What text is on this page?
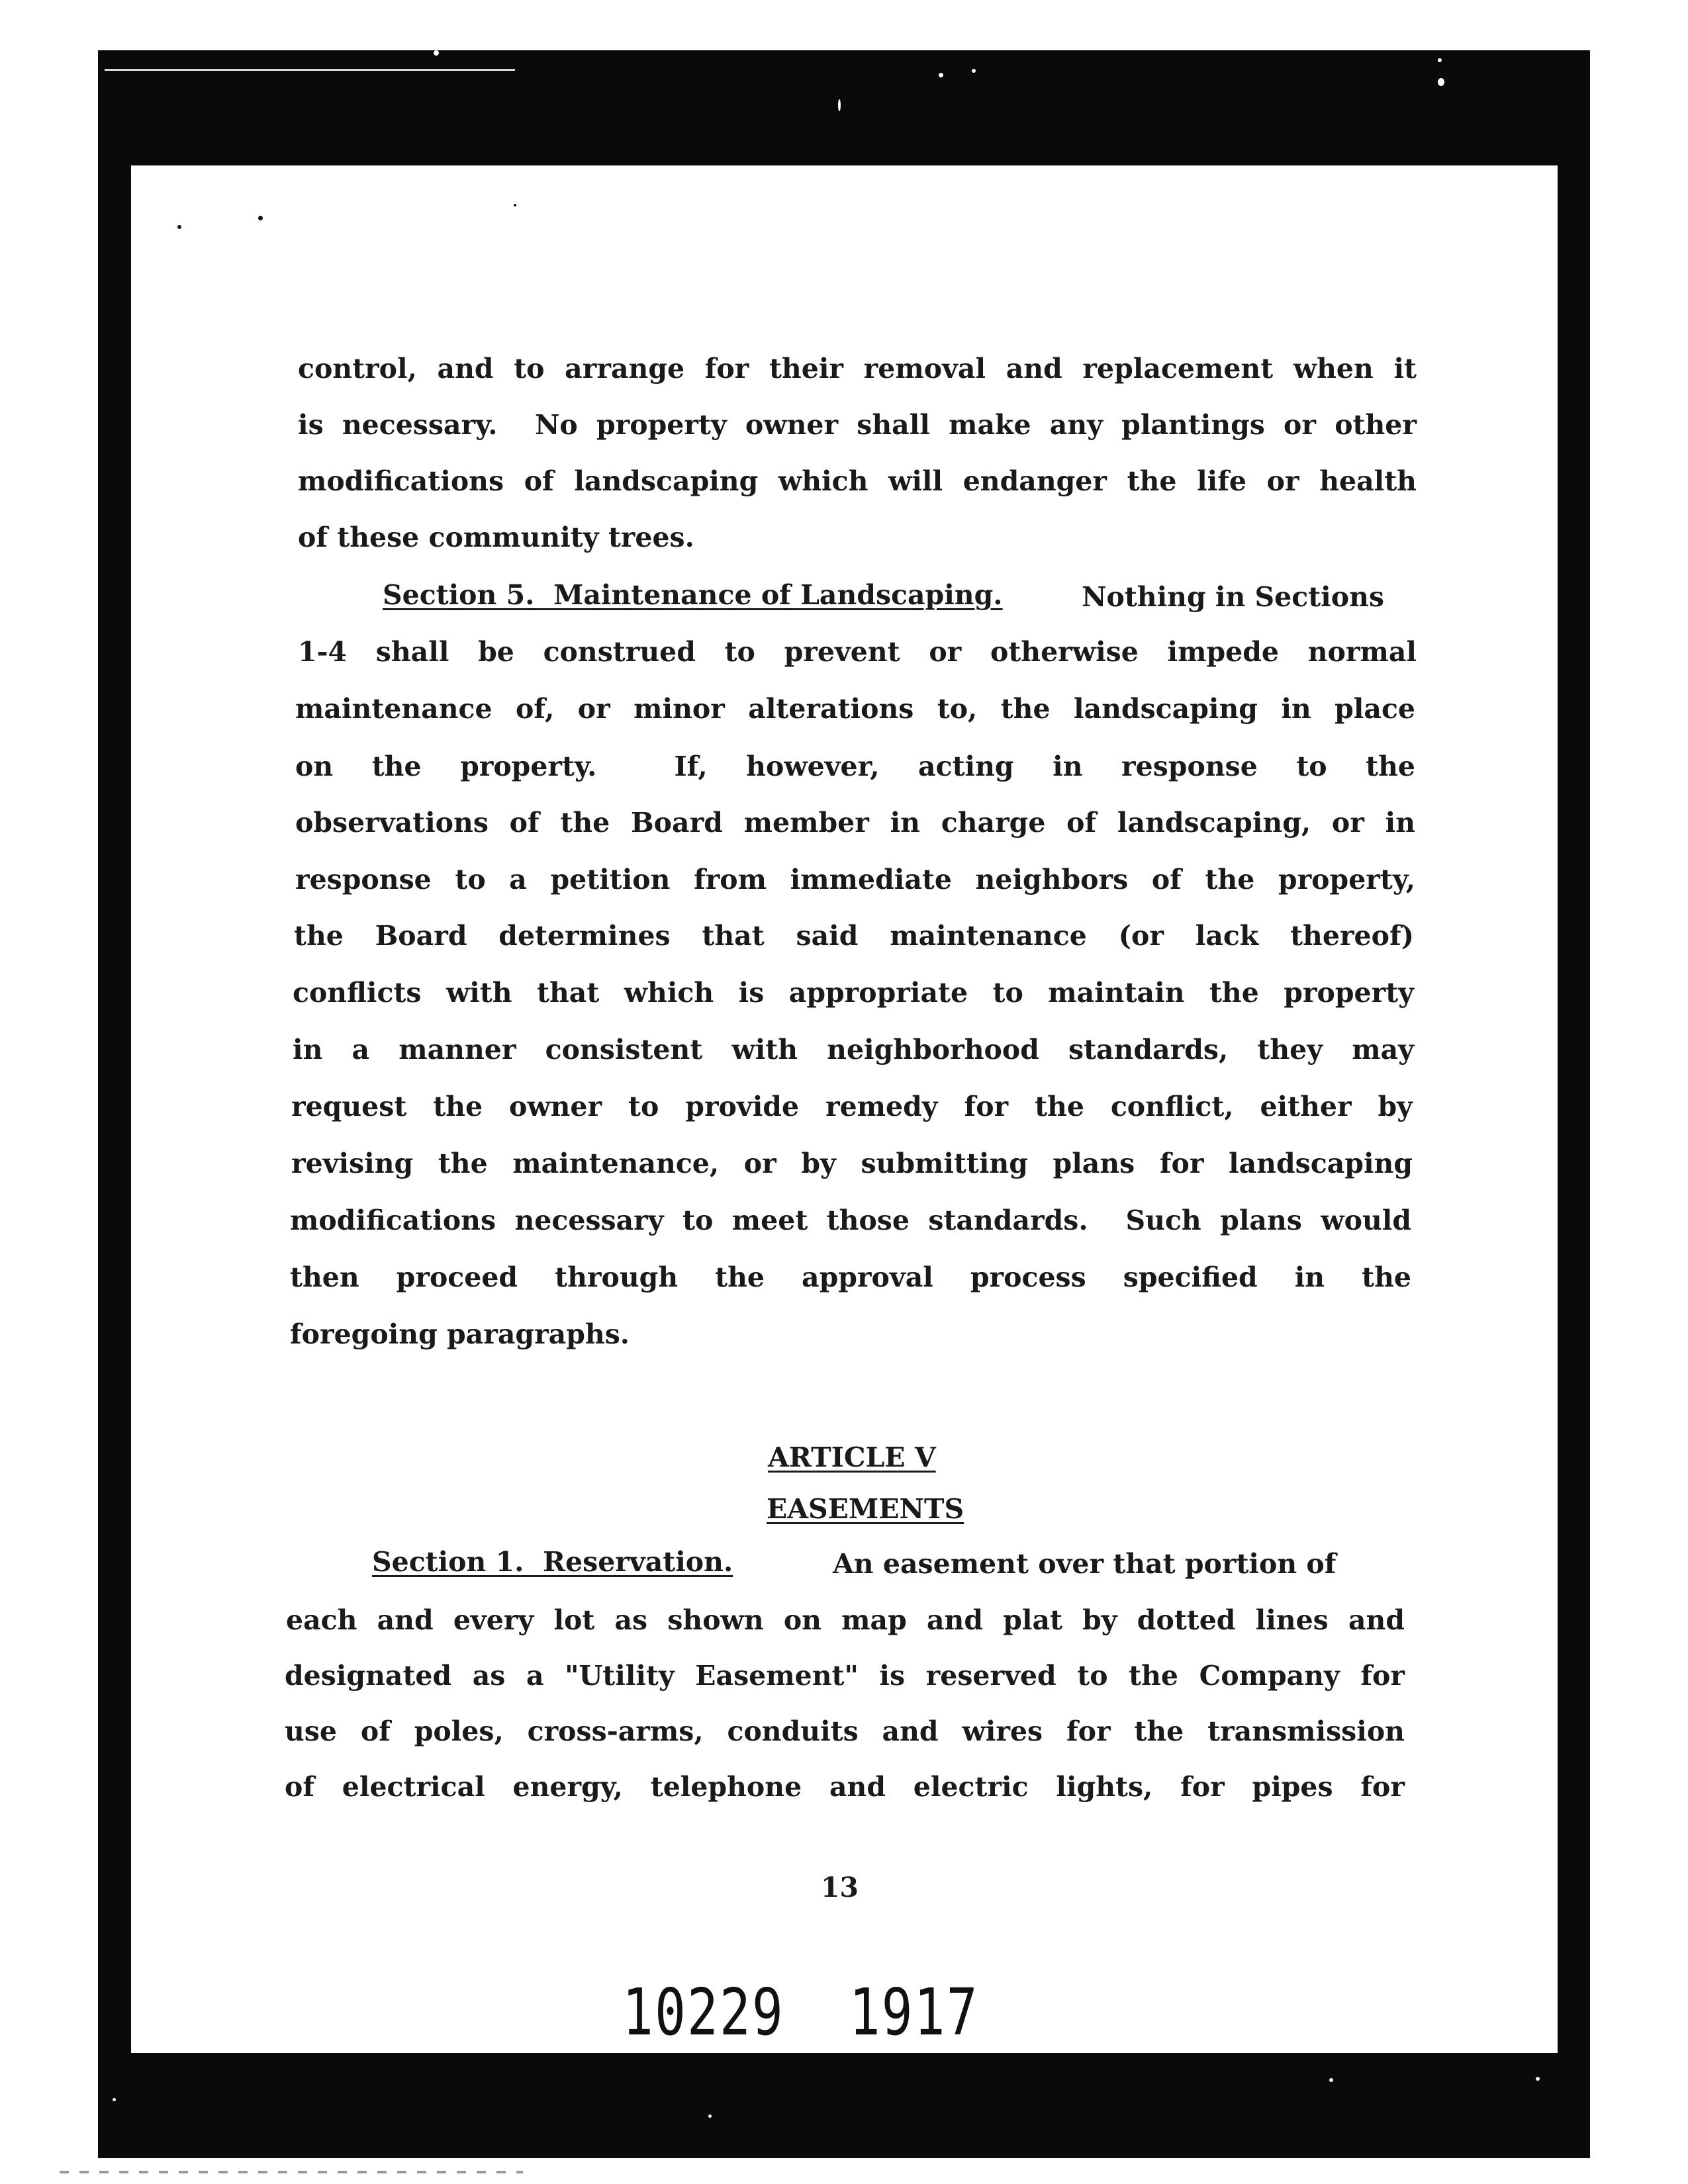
control, and to arrange for their removal and replacement when it
is necessary.  No property owner shall make any plantings or other
modifications of landscaping which will endanger the life or health
of these community trees.
Section 5.  Maintenance of Landscaping.	Nothing in Sections
1-4 shall be construed to prevent or otherwise impede normal
maintenance of, or minor alterations to, the landscaping in place
on the property.  If, however, acting in response to the
observations of the Board member in charge of landscaping, or in
response to a petition from immediate neighbors of the property,
the Board determines that said maintenance (or lack thereof)
conflicts with that which is appropriate to maintain the property
in a manner consistent with neighborhood standards, they may
request the owner to provide remedy for the conflict, either by
revising the maintenance, or by submitting plans for landscaping
modifications necessary to meet those standards.  Such plans would
then proceed through the approval process specified in the
foregoing paragraphs.
ARTICLE V
EASEMENTS
Section 1.  Reservation.	An easement over that portion of
each and every lot as shown on map and plat by dotted lines and
designated as a "Utility Easement" is reserved to the Company for
use of poles, cross-arms, conduits and wires for the transmission
of electrical energy, telephone and electric lights, for pipes for
13
10229  1917
